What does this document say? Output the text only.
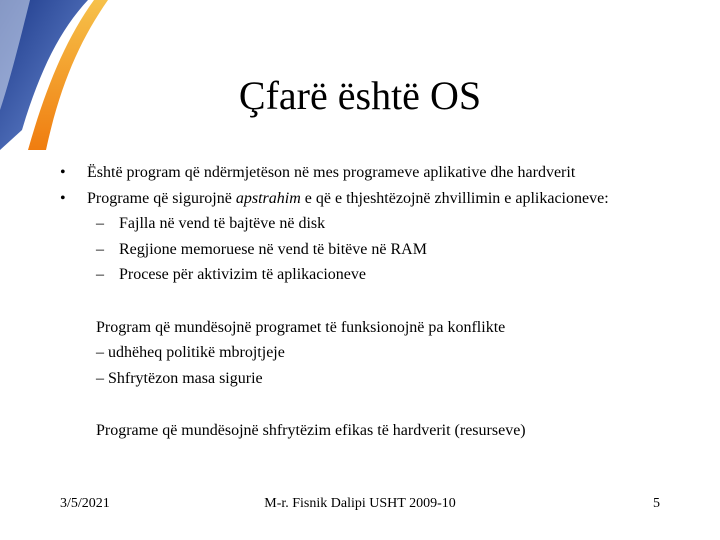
Çfarë është OS
• Është program që ndërmjetëson në mes programeve aplikative dhe hardverit
• Programe që sigurojnë apstrahim e që e thjeshtëzojnë zhvillimin e aplikacioneve:
– Fajlla në vend të bajtëve në disk
– Regjione memoruese në vend të bitëve në RAM
– Procese për aktivizim të aplikacioneve
Program që mundësojnë programet të funksionojnë pa konflikte
– udhëheq politikë mbrojtjeje
– Shfrytëzon masa sigurie
Programe që mundësojnë shfrytëzim efikas të hardverit (resurseve)
3/5/2021	M-r. Fisnik Dalipi USHT 2009-10	5
